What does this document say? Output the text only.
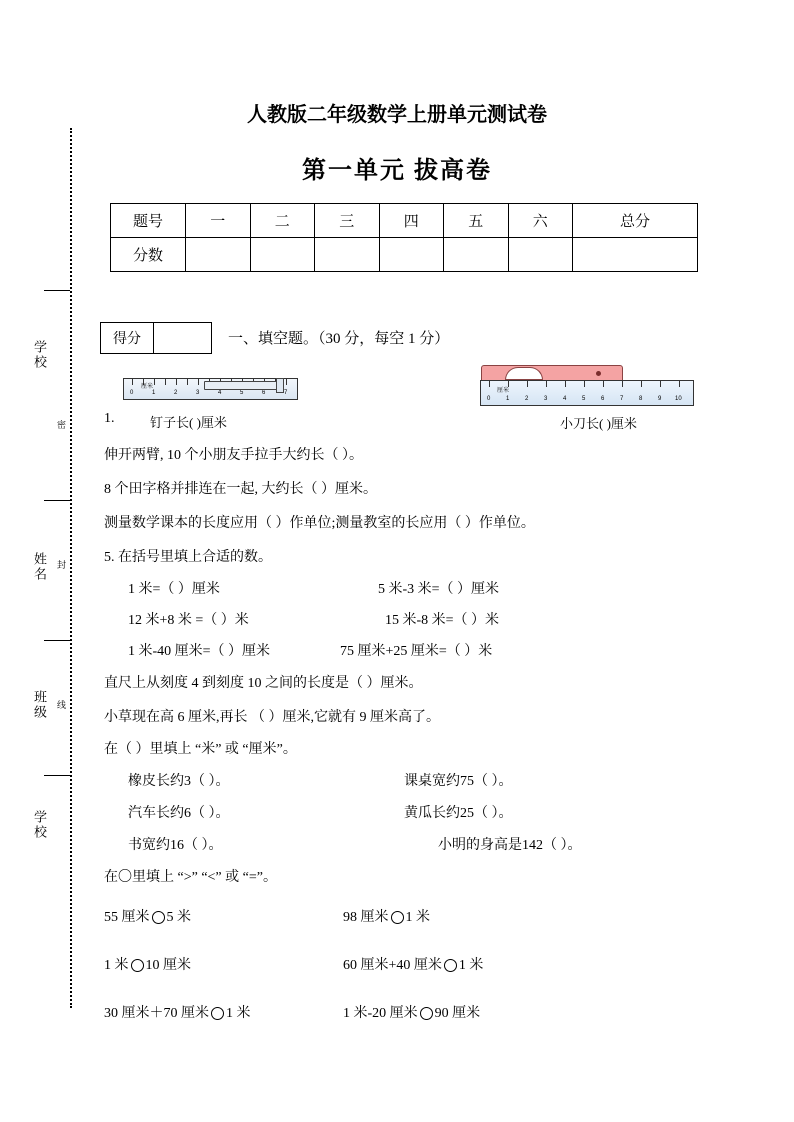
学校
姓名
班级
学校
密
封
线
人教版二年级数学上册单元测试卷
第一单元 拔高卷
题号	一	二	三	四	五	六	总分
分数							
得分	一、填空题。（30 分，每空 1 分）
0	1	2	3	4	5	6	7
厘米
钉子长( )厘米
0	1	2	3	4	5	6	7	8	9 10
厘米
小刀长( )厘米
1.
伸开两臂, 10 个小朋友手拉手大约长（ ）。
8 个田字格并排连在一起, 大约长（ ）厘米。
测量数学课本的长度应用（ ）作单位;测量教室的长应用（ ）作单位。
5. 在括号里填上合适的数。
1 米=（ ）厘米	5 米-3 米=（ ）厘米
12 米+8 米 =（ ）米	15 米-8 米=（ ）米
1 米-40 厘米=（ ）厘米	75 厘米+25 厘米=（ ）米
直尺上从刻度 4 到刻度 10 之间的长度是（ ）厘米。
小草现在高 6 厘米,再长 （ ）厘米,它就有 9 厘米高了。
在（ ）里填上 “米” 或 “厘米”。
橡皮长约3（ ）。	课桌宽约75（ ）。
汽车长约6（ ）。	黄瓜长约25（ ）。
书宽约16（ ）。	小明的身高是142（ ）。
在〇里填上 “>” “<” 或 “=”。
55 厘米 5 米	98 厘米 1 米
1 米 10 厘米	60 厘米+40 厘米 1 米
30 厘米＋70 厘米 1 米	1 米-20 厘米 90 厘米
